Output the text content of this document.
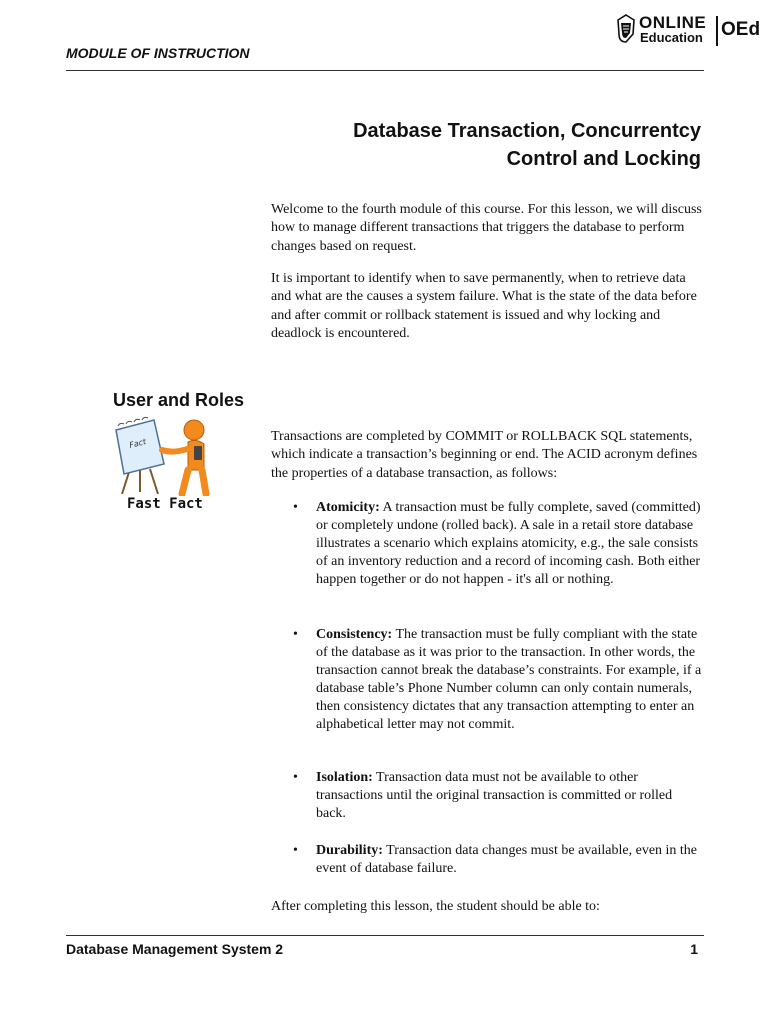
MODULE OF INSTRUCTION
ONLINE
Education OEd
Database Transaction, Concurrentcy
Control and Locking

Welcome to the fourth module of this course. For this lesson, we will discuss how to manage different transactions that triggers the database to perform changes based on request.

It is important to identify when to save permanently, when to retrieve data and what are the causes a system failure. What is the state of the data before and after commit or rollback statement is issued and why locking and deadlock is encountered.

User and Roles
Fact
Fast Fact

Transactions are completed by COMMIT or ROLLBACK SQL statements, which indicate a transaction’s beginning or end. The ACID acronym defines the properties of a database transaction, as follows:

• Atomicity: A transaction must be fully complete, saved (committed) or completely undone (rolled back). A sale in a retail store database illustrates a scenario which explains atomicity, e.g., the sale consists of an inventory reduction and a record of incoming cash. Both either happen together or do not happen - it's all or nothing.

• Consistency: The transaction must be fully compliant with the state of the database as it was prior to the transaction. In other words, the transaction cannot break the database’s constraints. For example, if a database table’s Phone Number column can only contain numerals, then consistency dictates that any transaction attempting to enter an alphabetical letter may not commit.

• Isolation: Transaction data must not be available to other transactions until the original transaction is committed or rolled back.

• Durability: Transaction data changes must be available, even in the event of database failure.

After completing this lesson, the student should be able to:

Database Management System 2	1
